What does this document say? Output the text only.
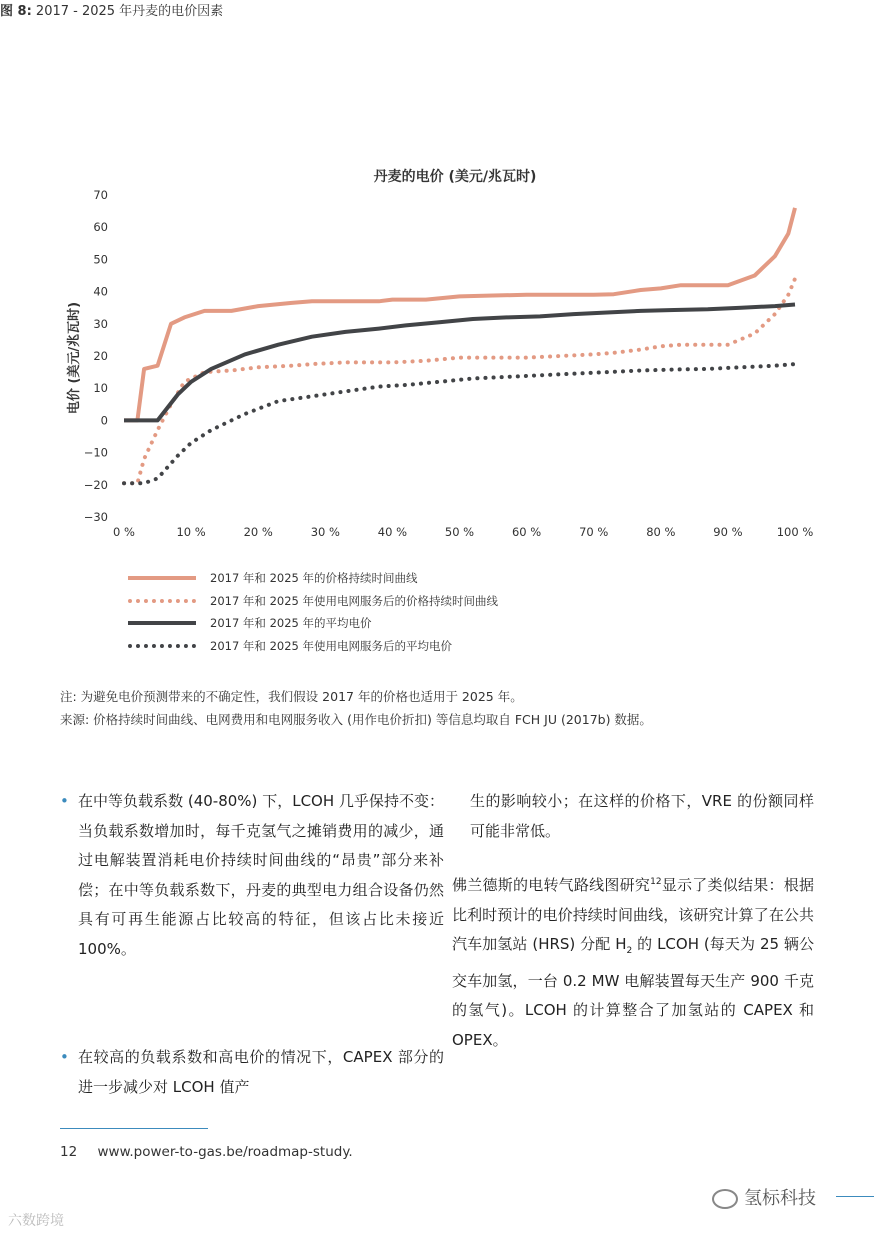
图 8: 2017 - 2025 年丹麦的电价因素
丹麦的电价 (美元/兆瓦时)
电价 (美元/兆瓦时)
−30
−20
−10
0
10
20
30
40
50
60
70
0 %	10 %	20 %	30 %	40 %	50 %	60 %	70 %	80 %	90 %	100 %
2017 年和 2025 年的价格持续时间曲线
2017 年和 2025 年使用电网服务后的价格持续时间曲线
2017 年和 2025 年的平均电价
2017 年和 2025 年使用电网服务后的平均电价
注: 为避免电价预测带来的不确定性，我们假设 2017 年的价格也适用于 2025 年。
来源: 价格持续时间曲线、电网费用和电网服务收入 (用作电价折扣) 等信息均取自 FCH JU (2017b) 数据。
• 在中等负载系数 (40-80%) 下，LCOH 几乎保持不变：当负载系数增加时，每千克氢气之摊销费用的减少，通过电解装置消耗电价持续时间曲线的“昂贵”部分来补偿；在中等负载系数下，丹麦的典型电力组合设备仍然具有可再生能源占比较高的特征，但该占比未接近 100%。
• 在较高的负载系数和高电价的情况下，CAPEX 部分的进一步减少对 LCOH 值产
生的影响较小；在这样的价格下，VRE 的份额同样可能非常低。
佛兰德斯的电转气路线图研究$^{12}$显示了类似结果：根据比利时预计的电价持续时间曲线，该研究计算了在公共汽车加氢站 (HRS) 分配 $H_2$ 的 LCOH (每天为 25 辆公交车加氢，一台 0.2 MW 电解装置每天生产 900 千克的氢气)。LCOH 的计算整合了加氢站的 CAPEX 和 OPEX。
12 www.power-to-gas.be/roadmap-study.
氢标科技
六数跨境
